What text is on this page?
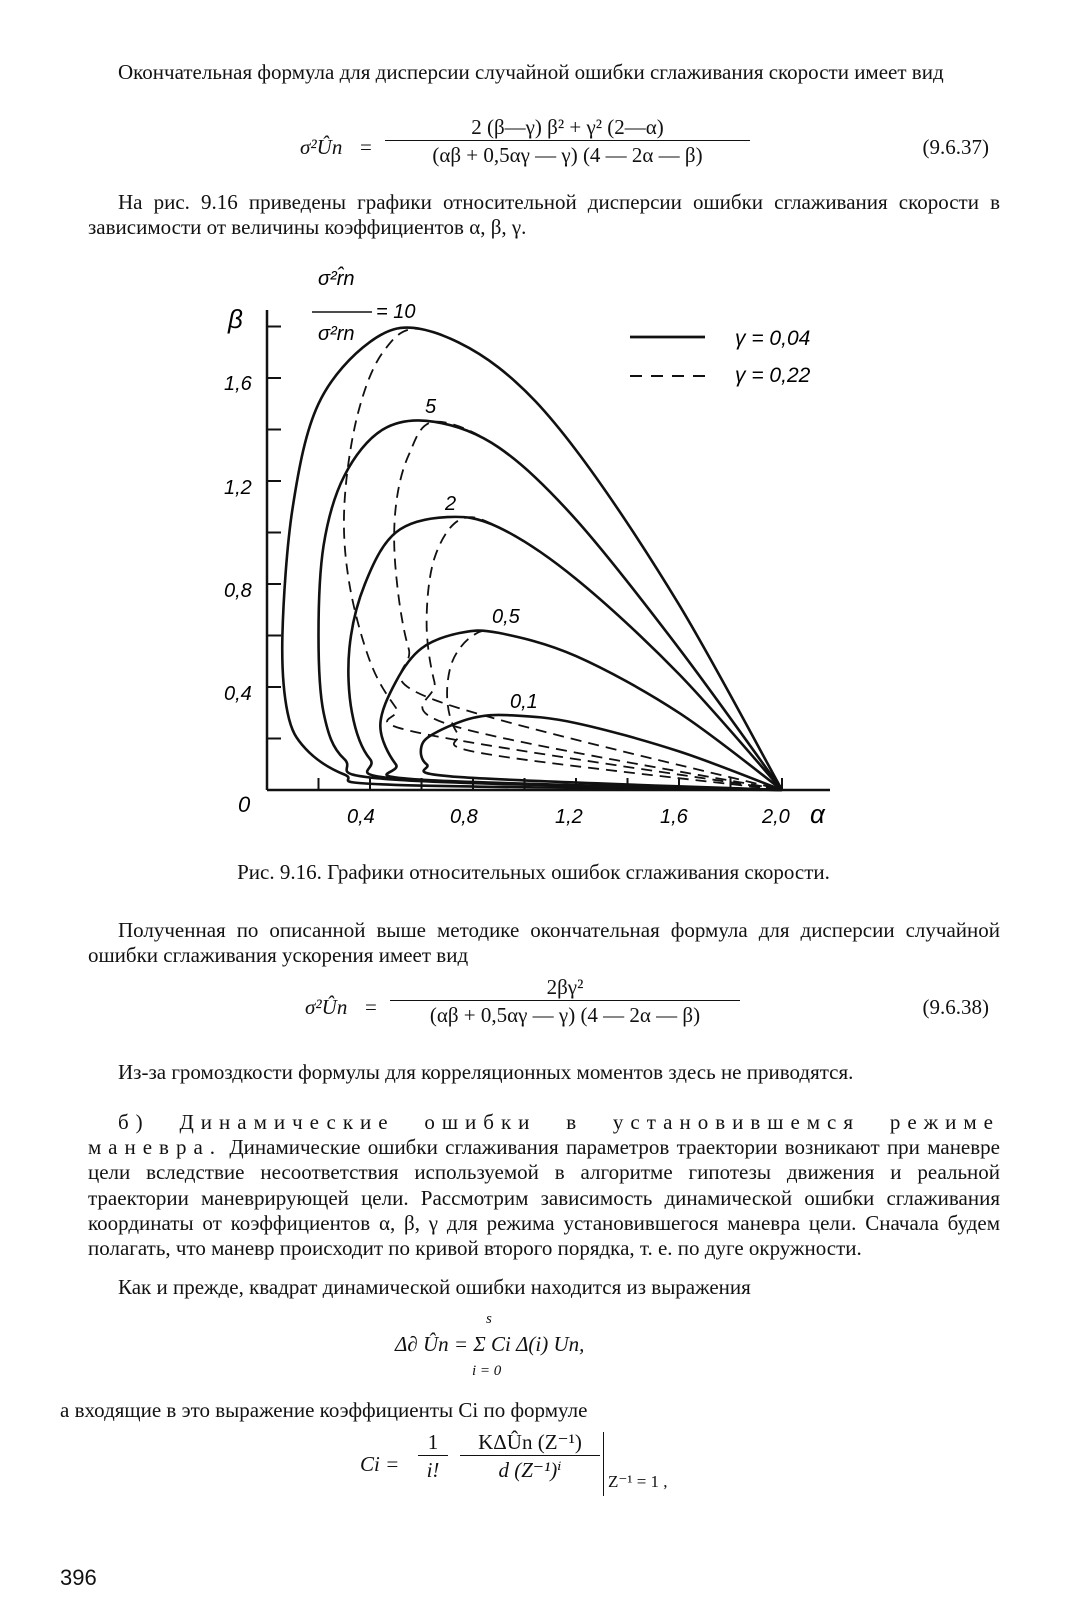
Окончательная формула для дисперсии случайной ошибки сглаживания скорости имеет вид

σ²Ûn = $\frac{\text{2 (β—γ) β² + γ² (2—α)}}{(\alpha\beta + 0,5\alpha\gamma — \gamma) (4 — 2\alpha — \beta)}$	(9.6.37)

На рис. 9.16 приведены графики относительной дисперсии ошибки сглаживания скорости в зависимости от величины коэффициентов α, β, γ.

β
α
0
1,6
1,2
0,8
0,4
0,4	0,8	1,2	1,6	2,0
σ²r̂n
σ²rn
= 10
5
2
0,5
0,1
γ = 0,04
γ = 0,22
Рис. 9.16. Графики относительных ошибок сглаживания скорости.

Полученная по описанной выше методике окончательная формула для дисперсии случайной ошибки сглаживания ускорения имеет вид

σ²Ûn = $\frac{\text{2βγ²}}{(\alpha\beta + 0,5\alpha\gamma — \gamma) (4 — 2\alpha — \beta)}$	(9.6.38)

Из-за громоздкости формулы для корреляционных моментов здесь не приводятся.

б) Динамические ошибки в установившемся режиме маневра. Динамические ошибки сглаживания параметров траектории возникают при маневре цели вследствие несоответствия используемой в алгоритме гипотезы движения и реальной траектории маневрирующей цели. Рассмотрим зависимость динамической ошибки сглаживания координаты от коэффициентов α, β, γ для режима установившегося маневра цели. Сначала будем полагать, что маневр происходит по кривой второго порядка, т. е. по дуге окружности.

Как и прежде, квадрат динамической ошибки находится из выражения

s
Δ∂ Ûn = Σ Ci Δ(i) Un,
i = 0

а входящие в это выражение коэффициенты Ci по формуле

$Ci = \frac{1}{i!}$	KΔÛn (Z⁻¹)
d (Z⁻¹)ⁱ	Z⁻¹ = 1 ,
396
